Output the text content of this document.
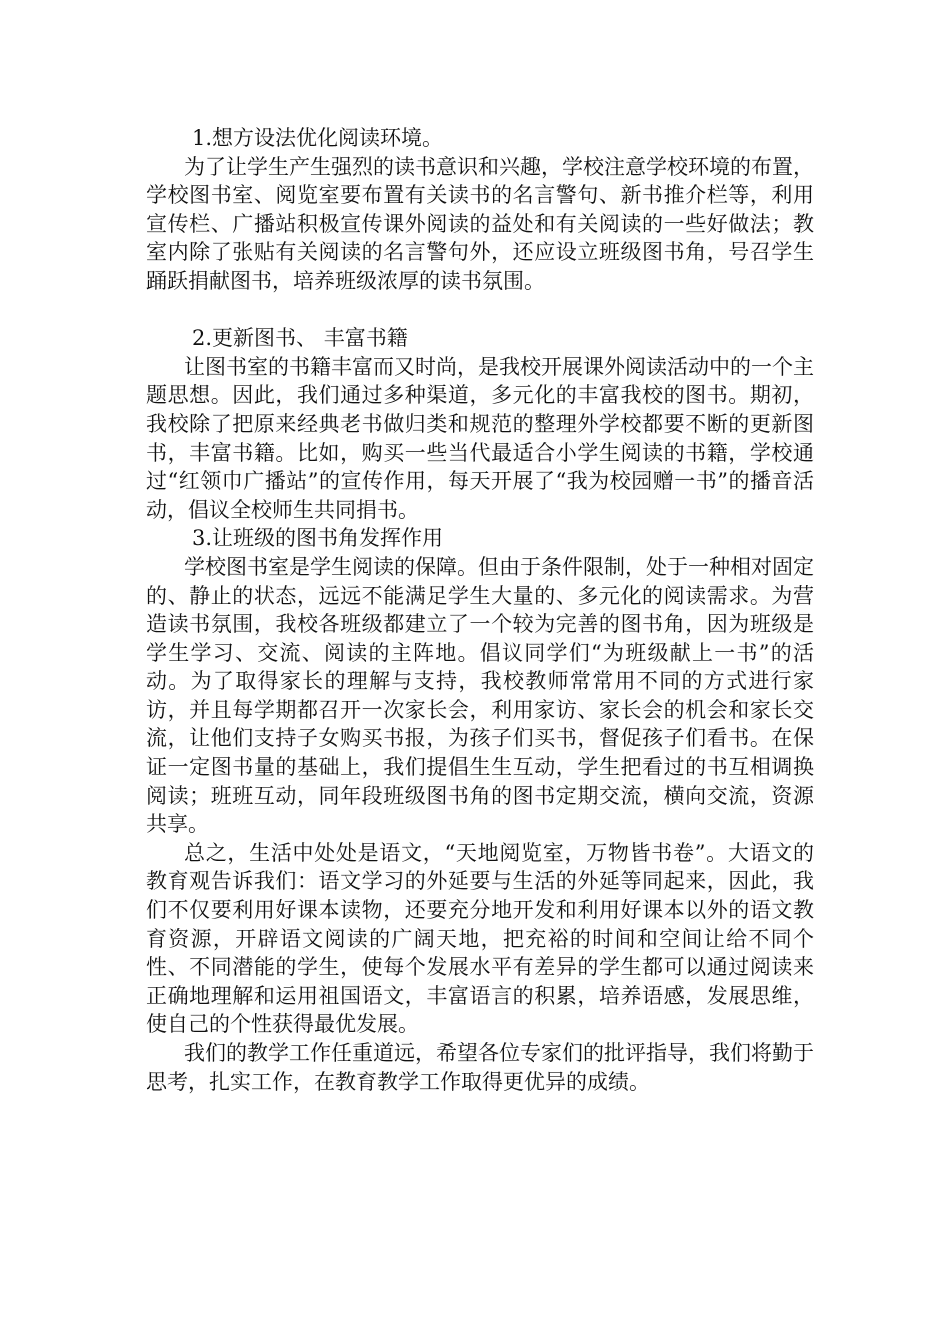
1.想方设法优化阅读环境。

为了让学生产生强烈的读书意识和兴趣，学校注意学校环境的布置，学校图书室、阅览室要布置有关读书的名言警句、新书推介栏等，利用宣传栏、广播站积极宣传课外阅读的益处和有关阅读的一些好做法；教室内除了张贴有关阅读的名言警句外，还应设立班级图书角，号召学生踊跃捐献图书，培养班级浓厚的读书氛围。

2.更新图书、 丰富书籍

让图书室的书籍丰富而又时尚，是我校开展课外阅读活动中的一个主题思想。因此，我们通过多种渠道，多元化的丰富我校的图书。期初，我校除了把原来经典老书做归类和规范的整理外学校都要不断的更新图书，丰富书籍。比如，购买一些当代最适合小学生阅读的书籍，学校通过“红领巾广播站”的宣传作用，每天开展了“我为校园赠一书”的播音活动，倡议全校师生共同捐书。

3.让班级的图书角发挥作用

学校图书室是学生阅读的保障。但由于条件限制，处于一种相对固定的、静止的状态，远远不能满足学生大量的、多元化的阅读需求。为营造读书氛围，我校各班级都建立了一个较为完善的图书角，因为班级是学生学习、交流、阅读的主阵地。倡议同学们“为班级献上一书”的活动。为了取得家长的理解与支持，我校教师常常用不同的方式进行家访，并且每学期都召开一次家长会，利用家访、家长会的机会和家长交流，让他们支持子女购买书报，为孩子们买书，督促孩子们看书。在保证一定图书量的基础上，我们提倡生生互动，学生把看过的书互相调换阅读；班班互动，同年段班级图书角的图书定期交流，横向交流，资源共享。

总之，生活中处处是语文，“天地阅览室，万物皆书卷”。大语文的教育观告诉我们：语文学习的外延要与生活的外延等同起来，因此，我们不仅要利用好课本读物，还要充分地开发和利用好课本以外的语文教育资源，开辟语文阅读的广阔天地，把充裕的时间和空间让给不同个性、不同潜能的学生，使每个发展水平有差异的学生都可以通过阅读来正确地理解和运用祖国语文，丰富语言的积累，培养语感，发展思维，使自己的个性获得最优发展。

我们的教学工作任重道远，希望各位专家们的批评指导，我们将勤于思考，扎实工作，在教育教学工作取得更优异的成绩。
